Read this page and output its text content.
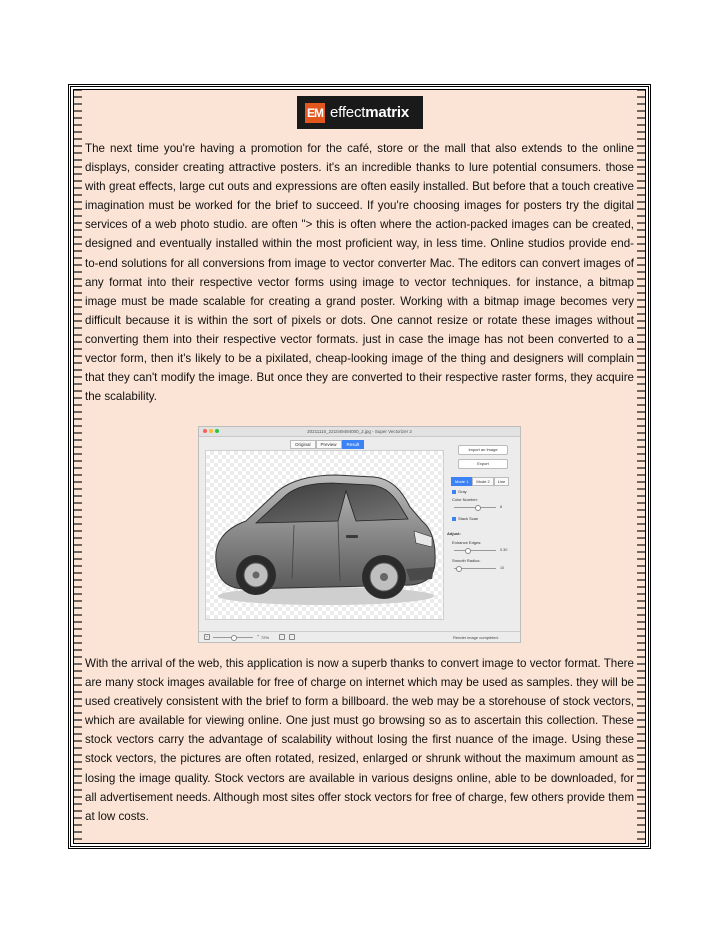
EM effectmatrix

The next time you're having a promotion for the café, store or the mall that also extends to the online displays, consider creating attractive posters. it's an incredible thanks to lure potential consumers. those with great effects, large cut outs and expressions are often easily installed. But before that a touch creative imagination must be worked for the brief to succeed. If you're choosing images for posters try the digital services of a web photo studio. are often "> this is often where the action-packed images can be created, designed and eventually installed within the most proficient way, in less time. Online studios provide end-to-end solutions for all conversions from image to vector converter Mac. The editors can convert images of any format into their respective vector forms using image to vector techniques. for instance, a bitmap image must be made scalable for creating a grand poster. Working with a bitmap image becomes very difficult because it is within the sort of pixels or dots. One cannot resize or rotate these images without converting them into their respective vector formats. just in case the image has not been converted to a vector form, then it's likely to be a pixilated, cheap-looking image of the thing and designers will complain that they can't modify the image. But once they are converted to their respective raster forms, they acquire the scalability.

20211110_221049494000_2.jpg - Super Vectorizer 2
Original	Preview	Result
Import an Image
Export
Mode 1	Mode 2	Line
Gray
Color Number:
8
Stack Scan
Adjust:
Enhance Edges:
0.30
Smooth Radius:
10
−	+ 72%	Render image completed.

With the arrival of the web, this application is now a superb thanks to convert image to vector format. There are many stock images available for free of charge on internet which may be used as samples. they will be used creatively consistent with the brief to form a billboard. the web may be a storehouse of stock vectors, which are available for viewing online. One just must go browsing so as to ascertain this collection. These stock vectors carry the advantage of scalability without losing the first nuance of the image. Using these stock vectors, the pictures are often rotated, resized, enlarged or shrunk without the maximum amount as losing the image quality. Stock vectors are available in various designs online, able to be downloaded, for all advertisement needs. Although most sites offer stock vectors for free of charge, few others provide them at low costs.
